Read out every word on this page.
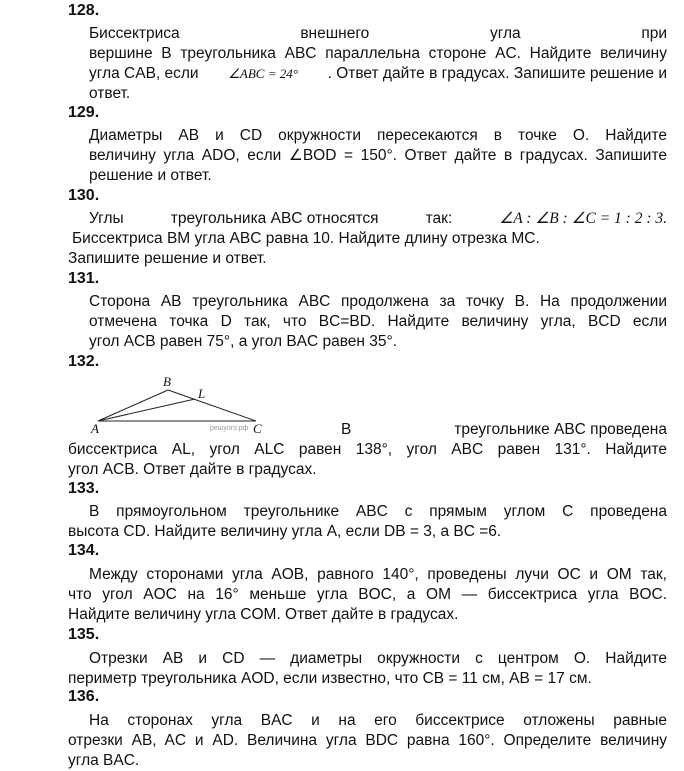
128.
Биссектриса	внешнего	угла	при
вершине B треугольника ABC параллельна стороне AC. Найдите величину
угла CAB, если ∠ABC = 24° . Ответ дайте в градусах. Запишите решение и
ответ.
129.
Диаметры AB и CD окружности пересекаются в точке O. Найдите
величину угла ADO, если ∠BOD = 150°. Ответ дайте в градусах. Запишите
решение и ответ.
130.
Углы	треугольника ABC относятся	так:	∠A : ∠B : ∠C = 1 : 2 : 3.
Биссектриса BM угла ABC равна 10. Найдите длину отрезка MC.
Запишите решение и ответ.
131.
Сторона AB треугольника ABC продолжена за точку B. На продолжении
отмечена точка D так, что BC=BD. Найдите величину угла, BCD если
угол ACB равен 75°, а угол BAC равен 35°.
132.
A
B
C
L
решуогэ.рф	В	треугольнике ABC проведена
биссектриса AL, угол ALC равен 138°, угол ABC равен 131°. Найдите
угол ACB. Ответ дайте в градусах.
133.
В прямоугольном треугольнике ABC с прямым углом C проведена
высота CD. Найдите величину угла A, если DB = 3, а BC =6.
134.
Между сторонами угла AOB, равного 140°, проведены лучи OC и OM так,
что угол AOC на 16° меньше угла BOC, а OM — биссектриса угла BOC.
Найдите величину угла COM. Ответ дайте в градусах.
135.
Отрезки AB и CD — диаметры окружности с центром O. Найдите
периметр треугольника AOD, если известно, что CB = 11 см, AB = 17 см.
136.
На сторонах угла BAC и на его биссектрисе отложены равные
отрезки AB, AC и AD. Величина угла BDC равна 160°. Определите величину
угла BAC.
